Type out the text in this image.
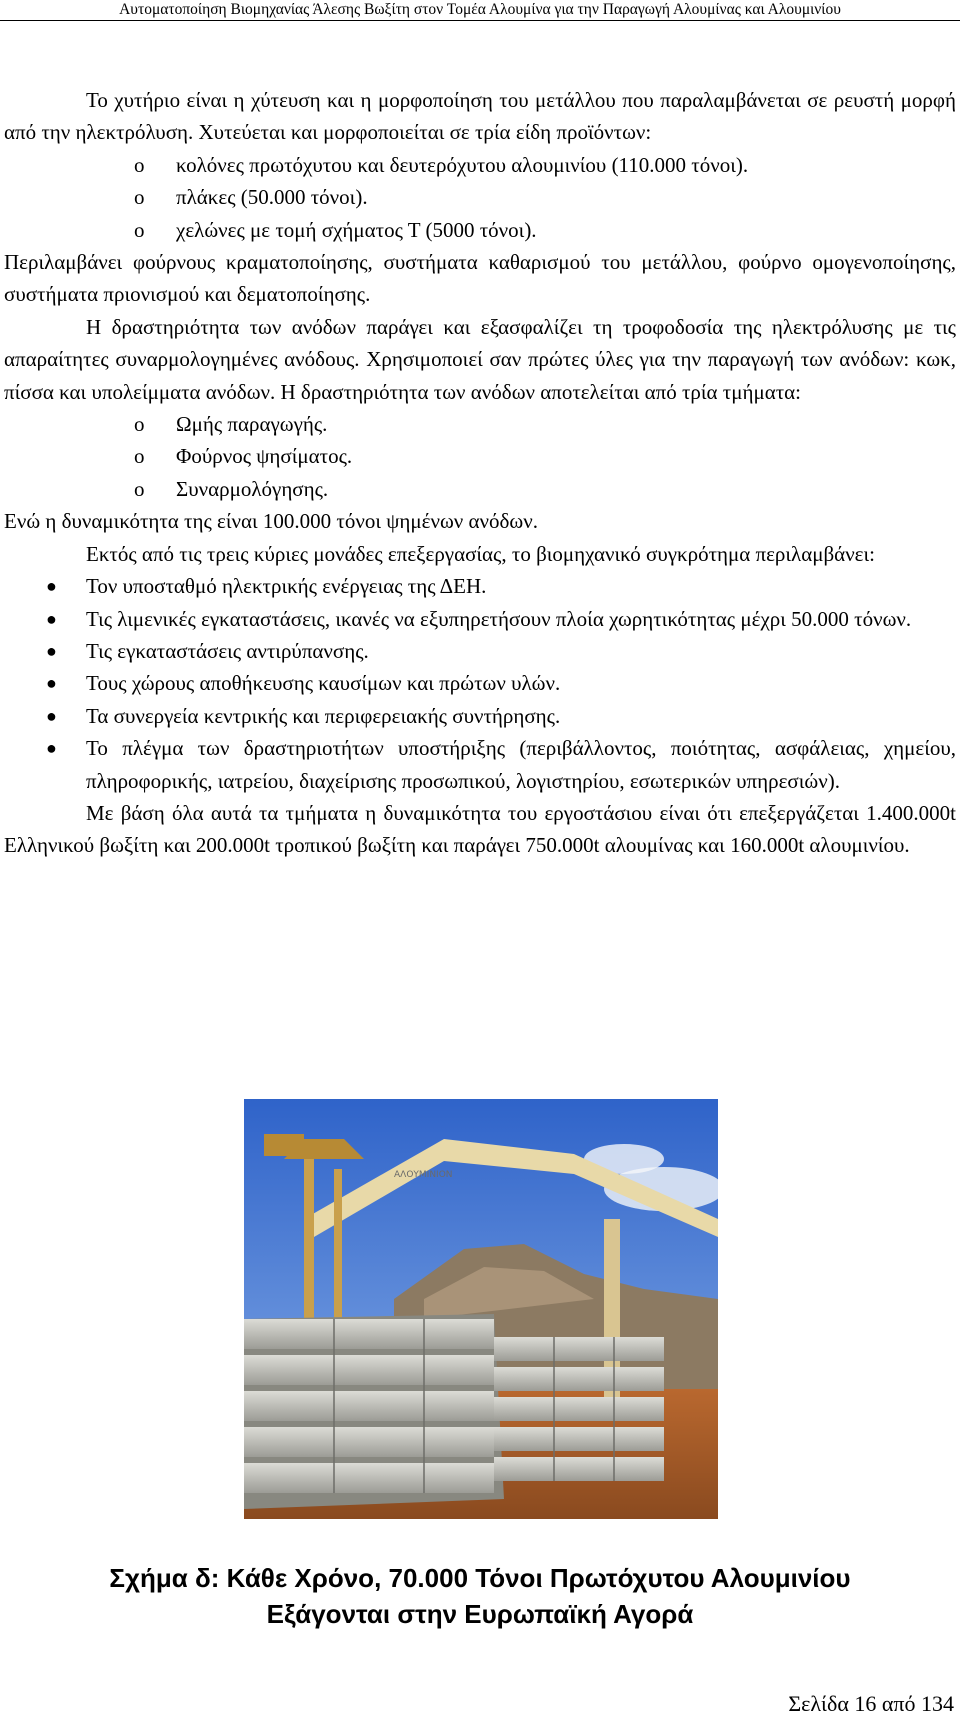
Αυτοματοποίηση Βιομηχανίας Άλεσης Βωξίτη στον Τομέα Αλουμίνα για την Παραγωγή Αλουμίνας και Αλουμινίου

Το χυτήριο είναι η χύτευση και η μορφοποίηση του μετάλλου που παραλαμβάνεται σε ρευστή μορφή από την ηλεκτρόλυση. Χυτεύεται και μορφοποιείται σε τρία είδη προϊόντων:

o κολόνες πρωτόχυτου και δευτερόχυτου αλουμινίου (110.000 τόνοι).
o πλάκες (50.000 τόνοι).
o χελώνες με τομή σχήματος Τ (5000 τόνοι).

Περιλαμβάνει φούρνους κραματοποίησης, συστήματα καθαρισμού του μετάλλου, φούρνο ομογενοποίησης, συστήματα πριονισμού και δεματοποίησης.

Η δραστηριότητα των ανόδων παράγει και εξασφαλίζει τη τροφοδοσία της ηλεκτρόλυσης με τις απαραίτητες συναρμολογημένες ανόδους. Χρησιμοποιεί σαν πρώτες ύλες για την παραγωγή των ανόδων: κωκ, πίσσα και υπολείμματα ανόδων. Η δραστηριότητα των ανόδων αποτελείται από τρία τμήματα:

o Ωμής παραγωγής.
o Φούρνος ψησίματος.
o Συναρμολόγησης.

Ενώ η δυναμικότητα της είναι 100.000 τόνοι ψημένων ανόδων.

Εκτός από τις τρεις κύριες μονάδες επεξεργασίας, το βιομηχανικό συγκρότημα περιλαμβάνει:

● Τον υποσταθμό ηλεκτρικής ενέργειας της ΔΕΗ.
● Τις λιμενικές εγκαταστάσεις, ικανές να εξυπηρετήσουν πλοία χωρητικότητας μέχρι 50.000 τόνων.
● Τις εγκαταστάσεις αντιρύπανσης.
● Τους χώρους αποθήκευσης καυσίμων και πρώτων υλών.
● Τα συνεργεία κεντρικής και περιφερειακής συντήρησης.
● Το πλέγμα των δραστηριοτήτων υποστήριξης (περιβάλλοντος, ποιότητας, ασφάλειας, χημείου, πληροφορικής, ιατρείου, διαχείρισης προσωπικού, λογιστηρίου, εσωτερικών υπηρεσιών).

Με βάση όλα αυτά τα τμήματα η δυναμικότητα του εργοστάσιου είναι ότι επεξεργάζεται 1.400.000t Ελληνικού βωξίτη και 200.000t τροπικού βωξίτη και παράγει 750.000t αλουμίνας και 160.000t αλουμινίου.

ΑΛΟΥΜΙΝΙΟΝ
Σχήμα δ: Κάθε Χρόνο, 70.000 Τόνοι Πρωτόχυτου Αλουμινίου
Εξάγονται στην Ευρωπαϊκή Αγορά
Σελίδα 16 από 134
